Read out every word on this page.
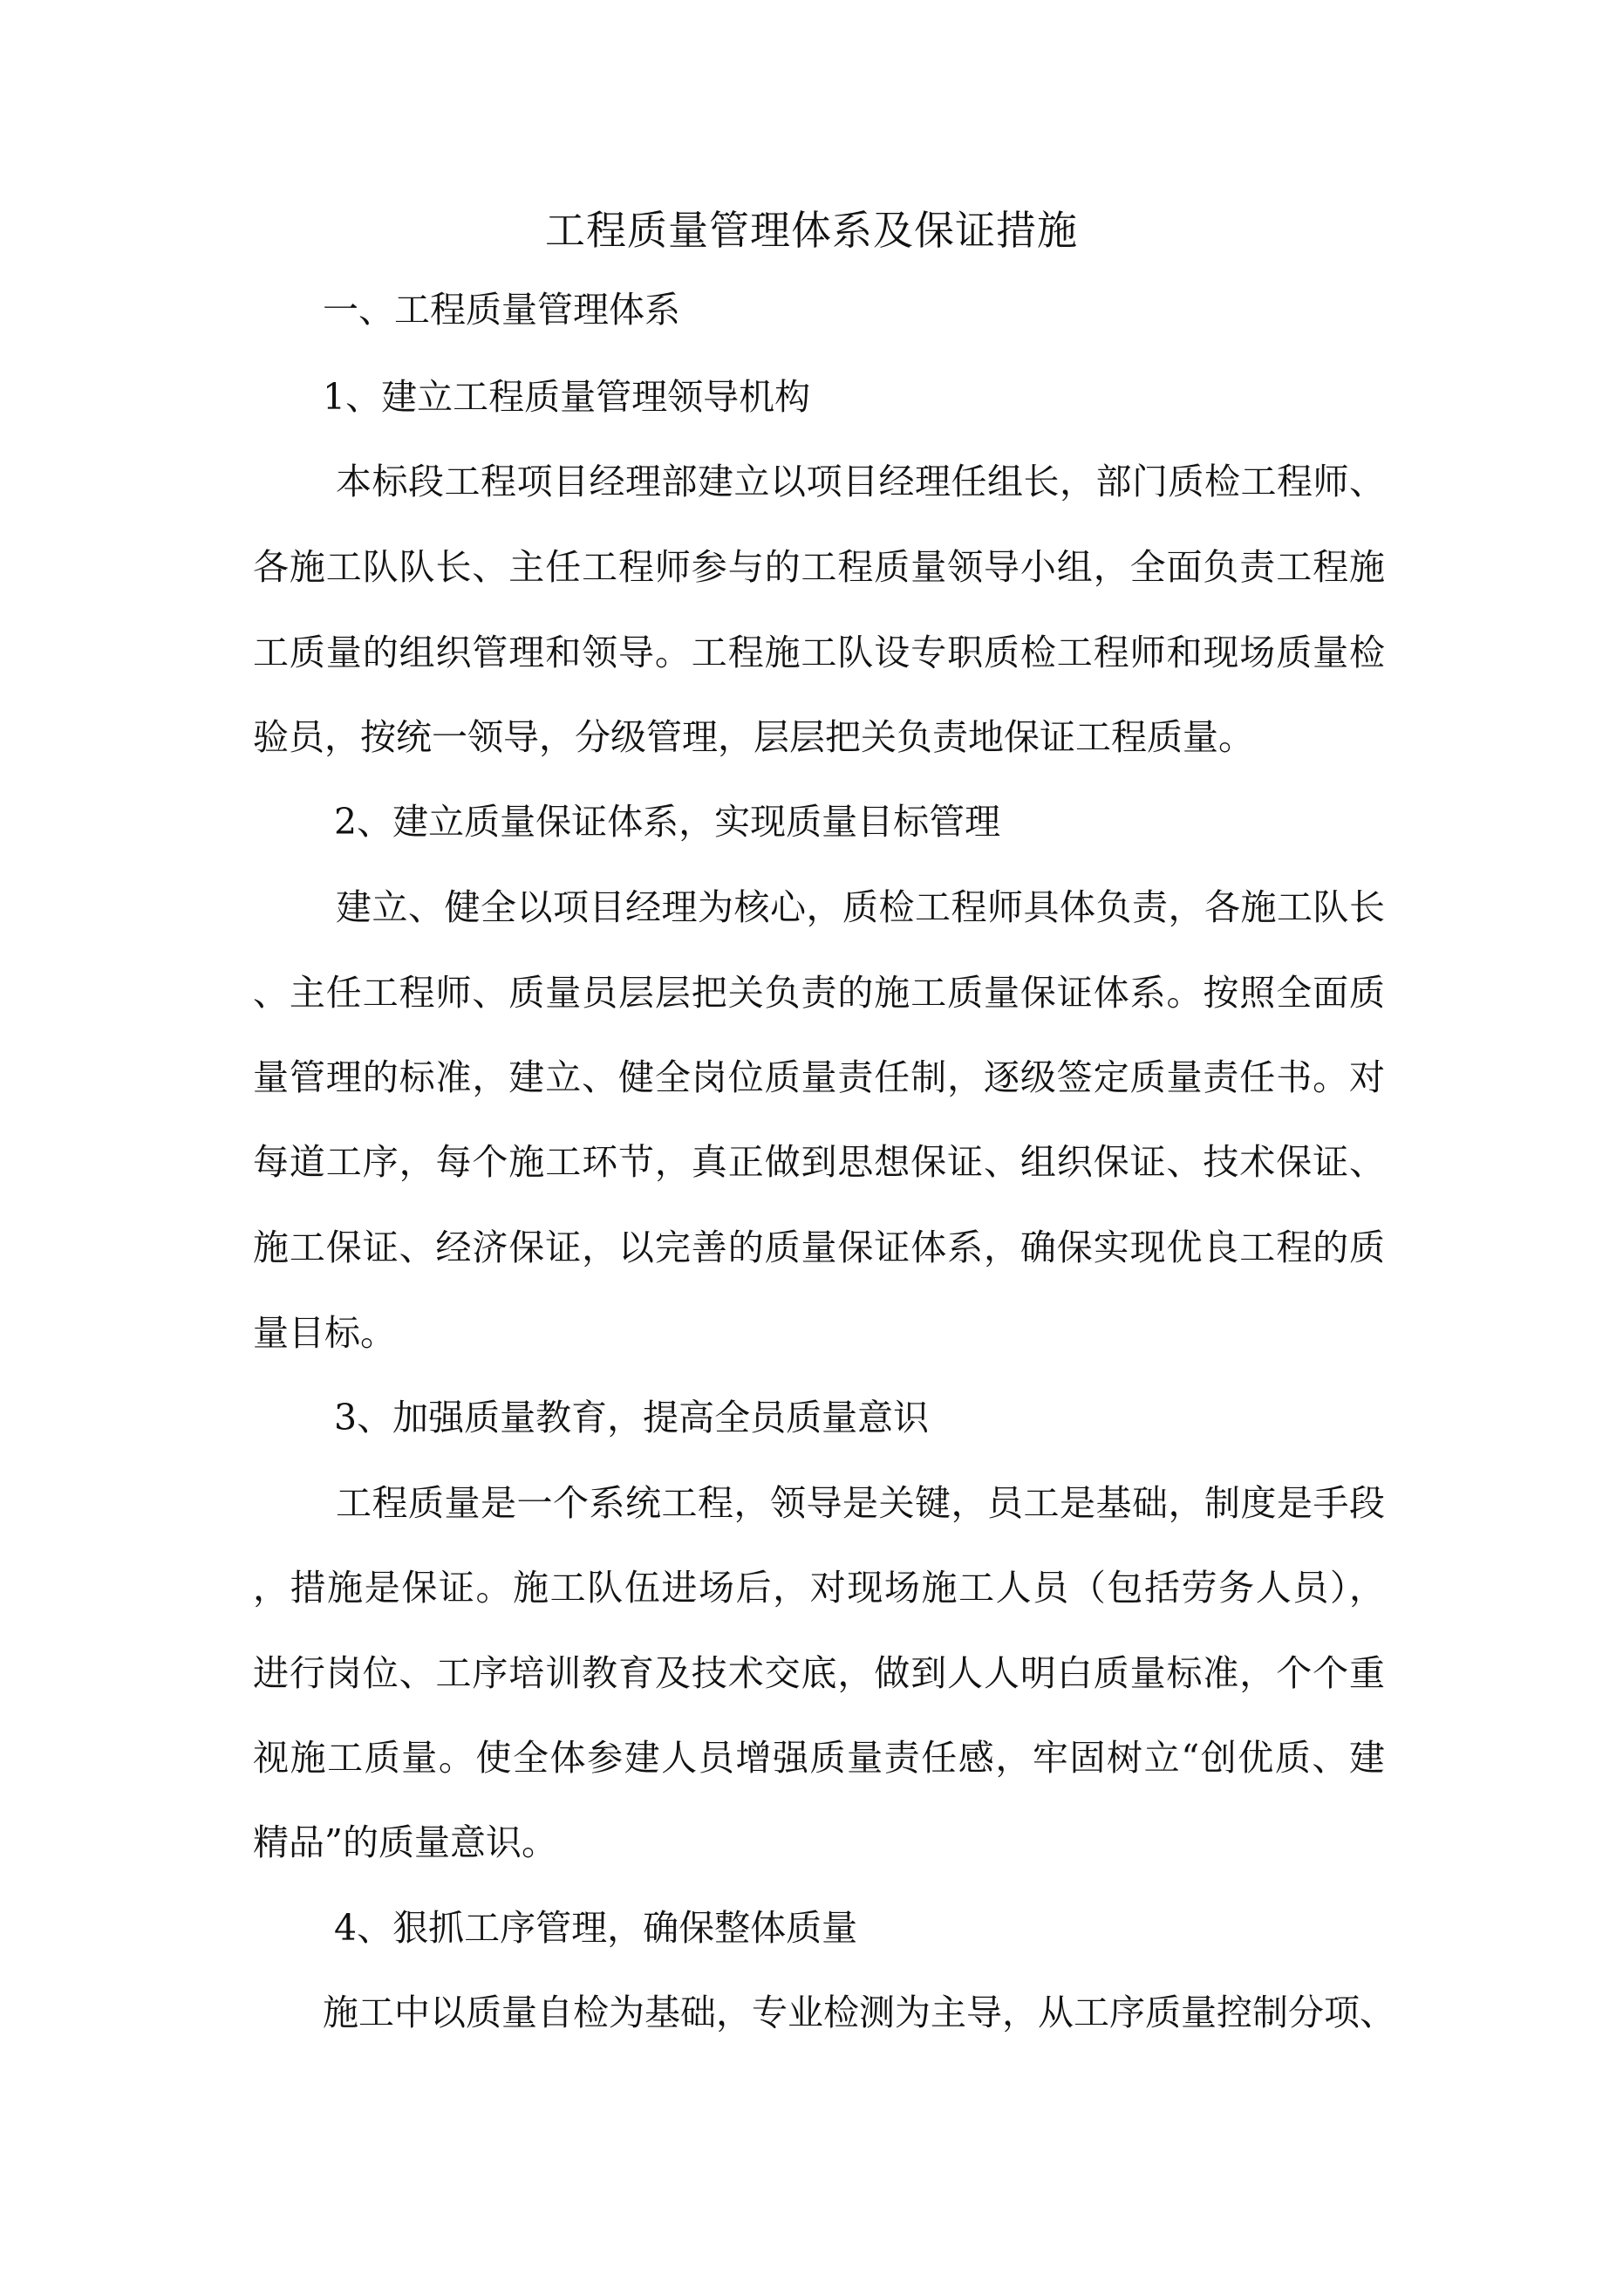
工程质量管理体系及保证措施

一、工程质量管理体系

1、建立工程质量管理领导机构

本标段工程项目经理部建立以项目经理任组长，部门质检工程师、

各施工队队长、主任工程师参与的工程质量领导小组，全面负责工程施

工质量的组织管理和领导。工程施工队设专职质检工程师和现场质量检

验员，按统一领导，分级管理，层层把关负责地保证工程质量。

2、建立质量保证体系，实现质量目标管理

建立、健全以项目经理为核心，质检工程师具体负责，各施工队长

、主任工程师、质量员层层把关负责的施工质量保证体系。按照全面质

量管理的标准，建立、健全岗位质量责任制，逐级签定质量责任书。对

每道工序，每个施工环节，真正做到思想保证、组织保证、技术保证、

施工保证、经济保证，以完善的质量保证体系，确保实现优良工程的质

量目标。

3、加强质量教育，提高全员质量意识

工程质量是一个系统工程，领导是关键，员工是基础，制度是手段

，措施是保证。施工队伍进场后，对现场施工人员（包括劳务人员），

进行岗位、工序培训教育及技术交底，做到人人明白质量标准，个个重

视施工质量。使全体参建人员增强质量责任感，牢固树立“创优质、建

精品”的质量意识。

4、狠抓工序管理，确保整体质量

施工中以质量自检为基础，专业检测为主导，从工序质量控制分项、
